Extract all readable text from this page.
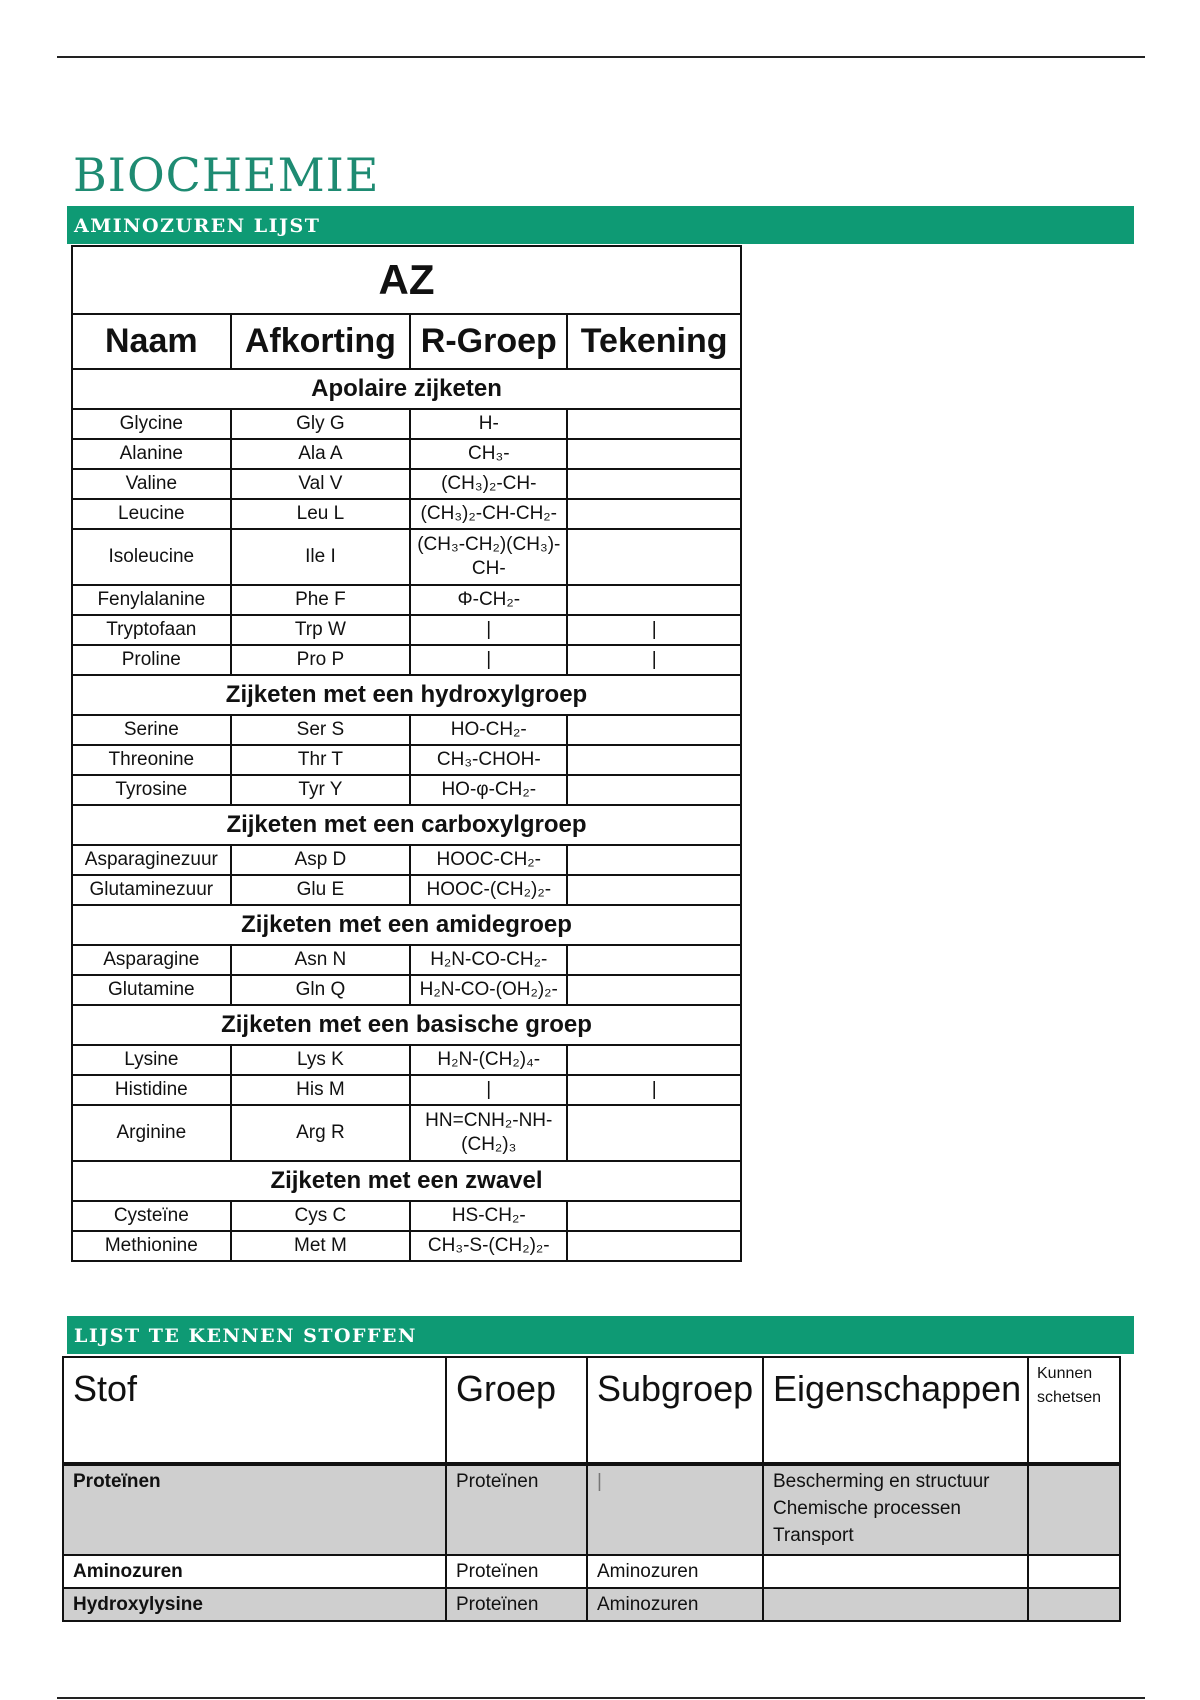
BIOCHEMIE
AMINOZUREN LIJST
AZ			
Naam	Afkorting	R-Groep	Tekening
Apolaire zijketen			
Glycine	Gly G	H-	
Alanine	Ala A	CH₃-	
Valine	Val V	(CH₃)₂-CH-	
Leucine	Leu L	(CH₃)₂-CH-CH₂-	
Isoleucine	Ile I	(CH₃-CH₂)(CH₃)-CH-	
Fenylalanine	Phe F	Φ-CH₂-	
Tryptofaan	Trp W	|	|
Proline	Pro P	|	|
Zijketen met een hydroxylgroep			
Serine	Ser S	HO-CH₂-	
Threonine	Thr T	CH₃-CHOH-	
Tyrosine	Tyr Y	HO-φ-CH₂-	
Zijketen met een carboxylgroep			
Asparaginezuur	Asp D	HOOC-CH₂-	
Glutaminezuur	Glu E	HOOC-(CH₂)₂-	
Zijketen met een amidegroep			
Asparagine	Asn N	H₂N-CO-CH₂-	
Glutamine	Gln Q	H₂N-CO-(OH₂)₂-	
Zijketen met een basische groep			
Lysine	Lys K	H₂N-(CH₂)₄-	
Histidine	His M	|	|
Arginine	Arg R	HN=CNH₂-NH-(CH₂)₃	
Zijketen met een zwavel			
Cysteïne	Cys C	HS-CH₂-	
Methionine	Met M	CH₃-S-(CH₂)₂-	
LIJST TE KENNEN STOFFEN
Stof	Groep	Subgroep	Eigenschappen	Kunnen schetsen
Proteïnen	Proteïnen	|	Bescherming en structuur
Chemische processen
Transport	

Aminozuren	Proteïnen	Aminozuren		
Hydroxylysine	Proteïnen	Aminozuren		
